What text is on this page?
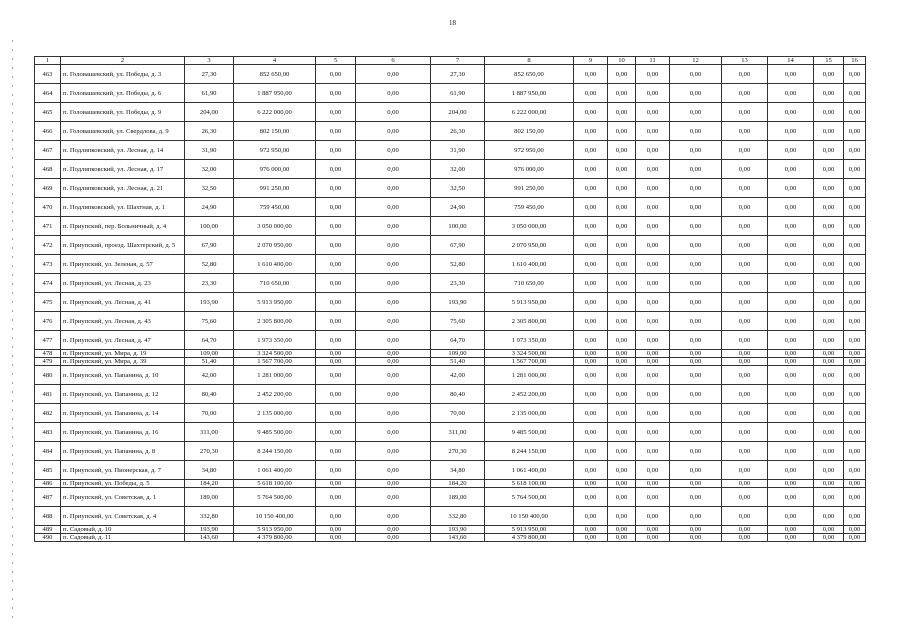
18
1	2	3	4	5	6	7	8	9	10	11	12	13	14	15	16
463	п. Головашевский, ул. Победы, д. 3	27,30	852 650,00	0,00	0,00	27,30	852 650,00	0,00	0,00	0,00	0,00	0,00	0,00	0,00	0,00
464	п. Головашевский, ул. Победы, д. 6	61,90	1 887 950,00	0,00	0,00	61,90	1 887 950,00	0,00	0,00	0,00	0,00	0,00	0,00	0,00	0,00
465	п. Головашевский, ул. Победы, д. 9	204,00	6 222 000,00	0,00	0,00	204,00	6 222 000,00	0,00	0,00	0,00	0,00	0,00	0,00	0,00	0,00
466	п. Головашевский, ул. Свердлова, д. 9	26,30	802 150,00	0,00	0,00	26,30	802 150,00	0,00	0,00	0,00	0,00	0,00	0,00	0,00	0,00
467	п. Подлипковский, ул. Лесная, д. 14	31,90	972 950,00	0,00	0,00	31,90	972 950,00	0,00	0,00	0,00	0,00	0,00	0,00	0,00	0,00
468	п. Подлипковский, ул. Лесная, д. 17	32,00	976 000,00	0,00	0,00	32,00	976 000,00	0,00	0,00	0,00	0,00	0,00	0,00	0,00	0,00
469	п. Подлипковский, ул. Лесная, д. 21	32,50	991 250,00	0,00	0,00	32,50	991 250,00	0,00	0,00	0,00	0,00	0,00	0,00	0,00	0,00
470	п. Подлипковский, ул. Шахтная, д. 1	24,90	759 450,00	0,00	0,00	24,90	759 450,00	0,00	0,00	0,00	0,00	0,00	0,00	0,00	0,00
471	п. Приупский, пер. Больничный, д. 4	100,00	3 050 000,00	0,00	0,00	100,00	3 050 000,00	0,00	0,00	0,00	0,00	0,00	0,00	0,00	0,00
472	п. Приупский, проезд. Шахтерский, д. 5	67,90	2 070 950,00	0,00	0,00	67,90	2 070 950,00	0,00	0,00	0,00	0,00	0,00	0,00	0,00	0,00
473	п. Приупский, ул. Зеленая, д. 57	52,80	1 610 400,00	0,00	0,00	52,80	1 610 400,00	0,00	0,00	0,00	0,00	0,00	0,00	0,00	0,00
474	п. Приупский, ул. Лесная, д. 23	23,30	710 650,00	0,00	0,00	23,30	710 650,00	0,00	0,00	0,00	0,00	0,00	0,00	0,00	0,00
475	п. Приупский, ул. Лесная, д. 41	193,90	5 913 950,00	0,00	0,00	193,90	5 913 950,00	0,00	0,00	0,00	0,00	0,00	0,00	0,00	0,00
476	п. Приупский, ул. Лесная, д. 43	75,60	2 305 800,00	0,00	0,00	75,60	2 305 800,00	0,00	0,00	0,00	0,00	0,00	0,00	0,00	0,00
477	п. Приупский, ул. Лесная, д. 47	64,70	1 973 350,00	0,00	0,00	64,70	1 973 350,00	0,00	0,00	0,00	0,00	0,00	0,00	0,00	0,00
478	п. Приупский, ул. Мира, д. 19	109,00	3 324 500,00	0,00	0,00	109,00	3 324 500,00	0,00	0,00	0,00	0,00	0,00	0,00	0,00	0,00
479	п. Приупский, ул. Мира, д. 39	51,40	1 567 700,00	0,00	0,00	51,40	1 567 700,00	0,00	0,00	0,00	0,00	0,00	0,00	0,00	0,00
480	п. Приупский, ул. Папанина, д. 10	42,00	1 281 000,00	0,00	0,00	42,00	1 281 000,00	0,00	0,00	0,00	0,00	0,00	0,00	0,00	0,00
481	п. Приупский, ул. Папанина, д. 12	80,40	2 452 200,00	0,00	0,00	80,40	2 452 200,00	0,00	0,00	0,00	0,00	0,00	0,00	0,00	0,00
482	п. Приупский, ул. Папанина, д. 14	70,00	2 135 000,00	0,00	0,00	70,00	2 135 000,00	0,00	0,00	0,00	0,00	0,00	0,00	0,00	0,00
483	п. Приупский, ул. Папанина, д. 16	311,00	9 485 500,00	0,00	0,00	311,00	9 485 500,00	0,00	0,00	0,00	0,00	0,00	0,00	0,00	0,00
484	п. Приупский, ул. Папанина, д. 8	270,30	8 244 150,00	0,00	0,00	270,30	8 244 150,00	0,00	0,00	0,00	0,00	0,00	0,00	0,00	0,00
485	п. Приупский, ул. Пионерская, д. 7	34,80	1 061 400,00	0,00	0,00	34,80	1 061 400,00	0,00	0,00	0,00	0,00	0,00	0,00	0,00	0,00
486	п. Приупский, ул. Победы, д. 5	184,20	5 618 100,00	0,00	0,00	184,20	5 618 100,00	0,00	0,00	0,00	0,00	0,00	0,00	0,00	0,00
487	п. Приупский, ул. Советская, д. 1	189,00	5 764 500,00	0,00	0,00	189,00	5 764 500,00	0,00	0,00	0,00	0,00	0,00	0,00	0,00	0,00
488	п. Приупский, ул. Советская, д. 4	332,80	10 150 400,00	0,00	0,00	332,80	10 150 400,00	0,00	0,00	0,00	0,00	0,00	0,00	0,00	0,00
489	п. Садовый, д. 10	193,90	5 913 950,00	0,00	0,00	193,90	5 913 950,00	0,00	0,00	0,00	0,00	0,00	0,00	0,00	0,00
490	п. Садовый, д. 11	143,60	4 379 800,00	0,00	0,00	143,60	4 379 800,00	0,00	0,00	0,00	0,00	0,00	0,00	0,00	0,00
